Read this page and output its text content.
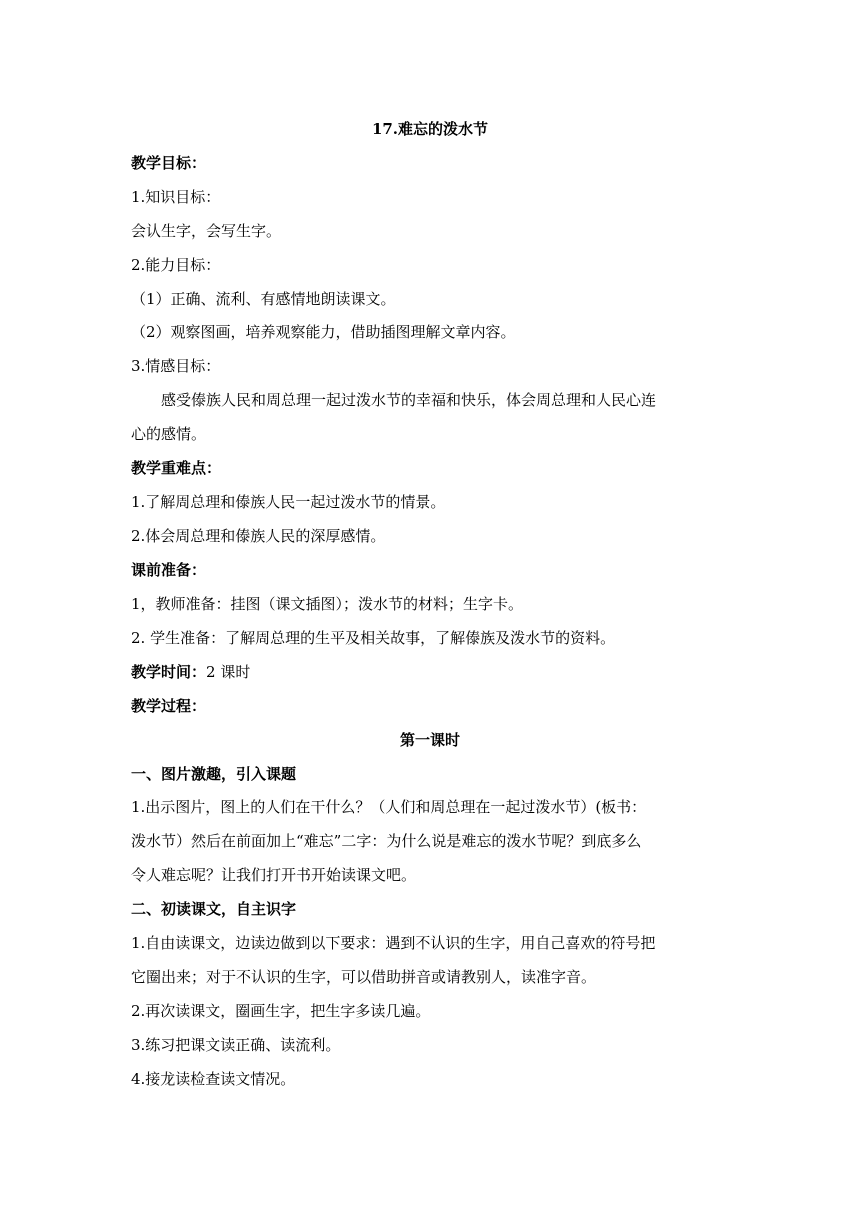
17.难忘的泼水节
教学目标：
1.知识目标：
会认生字，会写生字。
2.能力目标：
（1）正确、流利、有感情地朗读课文。
（2）观察图画，培养观察能力，借助插图理解文章内容。
3.情感目标：
感受傣族人民和周总理一起过泼水节的幸福和快乐，体会周总理和人民心连
心的感情。
教学重难点：
1.了解周总理和傣族人民一起过泼水节的情景。
2.体会周总理和傣族人民的深厚感情。
课前准备：
1，教师准备：挂图（课文插图）；泼水节的材料；生字卡。
2. 学生准备：了解周总理的生平及相关故事，了解傣族及泼水节的资料。
教学时间：2 课时
教学过程：
第一课时
一、图片激趣，引入课题
1.出示图片，图上的人们在干什么？（人们和周总理在一起过泼水节）(板书：
泼水节）然后在前面加上“难忘”二字：为什么说是难忘的泼水节呢？到底多么
令人难忘呢？让我们打开书开始读课文吧。
二、初读课文，自主识字
1.自由读课文，边读边做到以下要求：遇到不认识的生字，用自己喜欢的符号把
它圈出来；对于不认识的生字，可以借助拼音或请教别人，读准字音。
2.再次读课文，圈画生字，把生字多读几遍。
3.练习把课文读正确、读流利。
4.接龙读检查读文情况。
